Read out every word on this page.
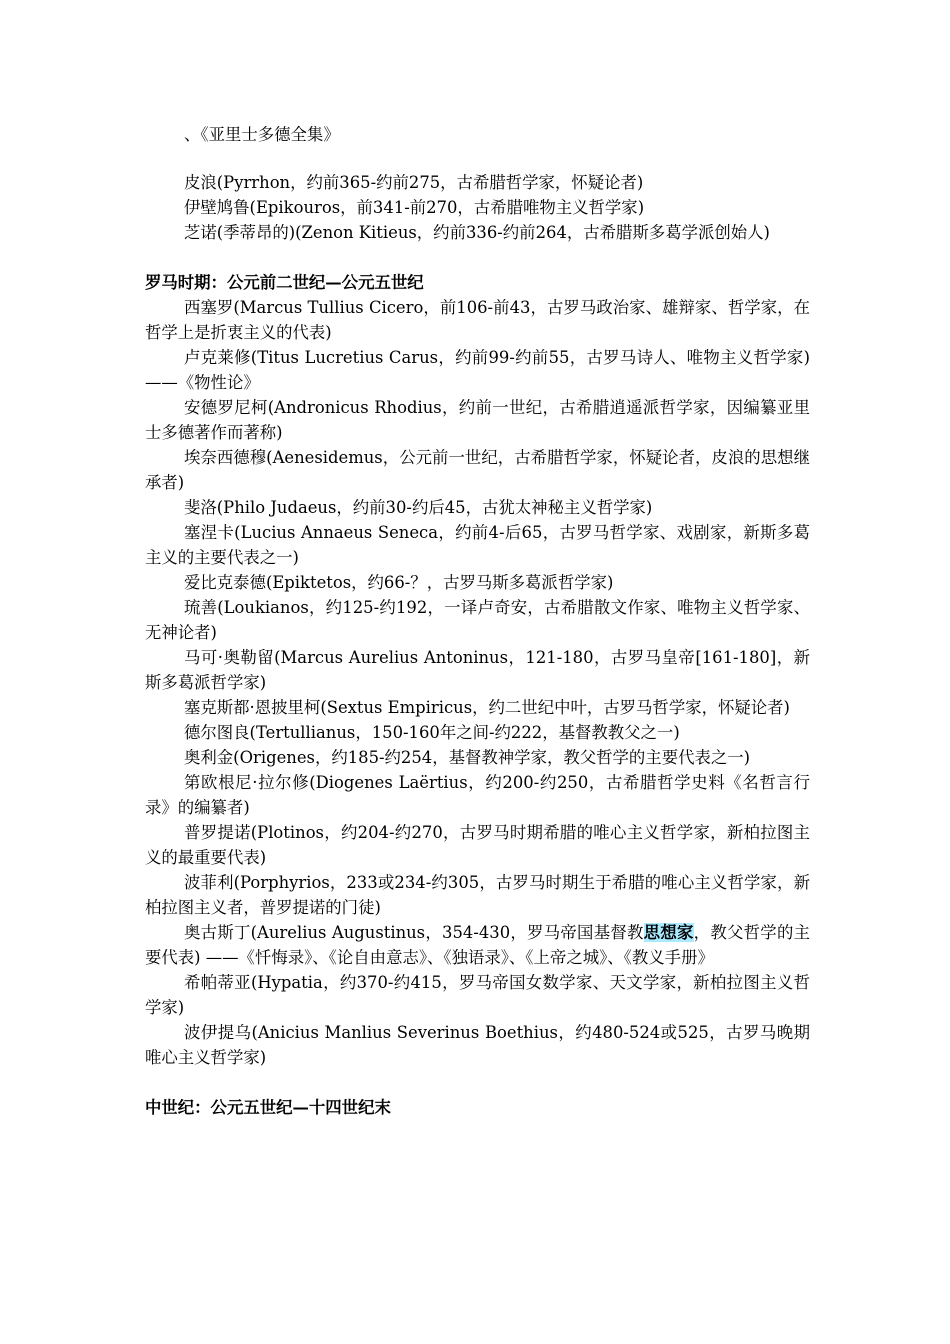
、《亚里士多德全集》

皮浪(Pyrrhon，约前365-约前275，古希腊哲学家，怀疑论者)

伊壁鸠鲁(Epikouros，前341-前270，古希腊唯物主义哲学家)

芝诺(季蒂昂的)(Zenon Kitieus，约前336-约前264，古希腊斯多葛学派创始人)

罗马时期：公元前二世纪—公元五世纪

西塞罗(Marcus Tullius Cicero，前106-前43，古罗马政治家、雄辩家、哲学家，在哲学上是折衷主义的代表)

卢克莱修(Titus Lucretius Carus，约前99-约前55，古罗马诗人、唯物主义哲学家) ——《物性论》

安德罗尼柯(Andronicus Rhodius，约前一世纪，古希腊逍遥派哲学家，因编纂亚里士多德著作而著称)

埃奈西德穆(Aenesidemus，公元前一世纪，古希腊哲学家，怀疑论者，皮浪的思想继承者)

斐洛(Philo Judaeus，约前30-约后45，古犹太神秘主义哲学家)

塞涅卡(Lucius Annaeus Seneca，约前4-后65，古罗马哲学家、戏剧家，新斯多葛主义的主要代表之一)

爱比克泰德(Epiktetos，约66-？，古罗马斯多葛派哲学家)

琉善(Loukianos，约125-约192，一译卢奇安，古希腊散文作家、唯物主义哲学家、无神论者)

马可·奥勒留(Marcus Aurelius Antoninus，121-180，古罗马皇帝[161-180]，新斯多葛派哲学家)

塞克斯都·恩披里柯(Sextus Empiricus，约二世纪中叶，古罗马哲学家，怀疑论者)

德尔图良(Tertullianus，150-160年之间-约222，基督教教父之一)

奥利金(Origenes，约185-约254，基督教神学家，教父哲学的主要代表之一)

第欧根尼·拉尔修(Diogenes Laërtius，约200-约250，古希腊哲学史料《名哲言行录》的编纂者)

普罗提诺(Plotinos，约204-约270，古罗马时期希腊的唯心主义哲学家，新柏拉图主义的最重要代表)

波菲利(Porphyrios，233或234-约305，古罗马时期生于希腊的唯心主义哲学家，新柏拉图主义者，普罗提诺的门徒)

奥古斯丁(Aurelius Augustinus，354-430，罗马帝国基督教思想家，教父哲学的主要代表) ——《忏悔录》、《论自由意志》、《独语录》、《上帝之城》、《教义手册》

希帕蒂亚(Hypatia，约370-约415，罗马帝国女数学家、天文学家，新柏拉图主义哲学家)

波伊提乌(Anicius Manlius Severinus Boethius，约480-524或525，古罗马晚期唯心主义哲学家)

中世纪：公元五世纪—十四世纪末
